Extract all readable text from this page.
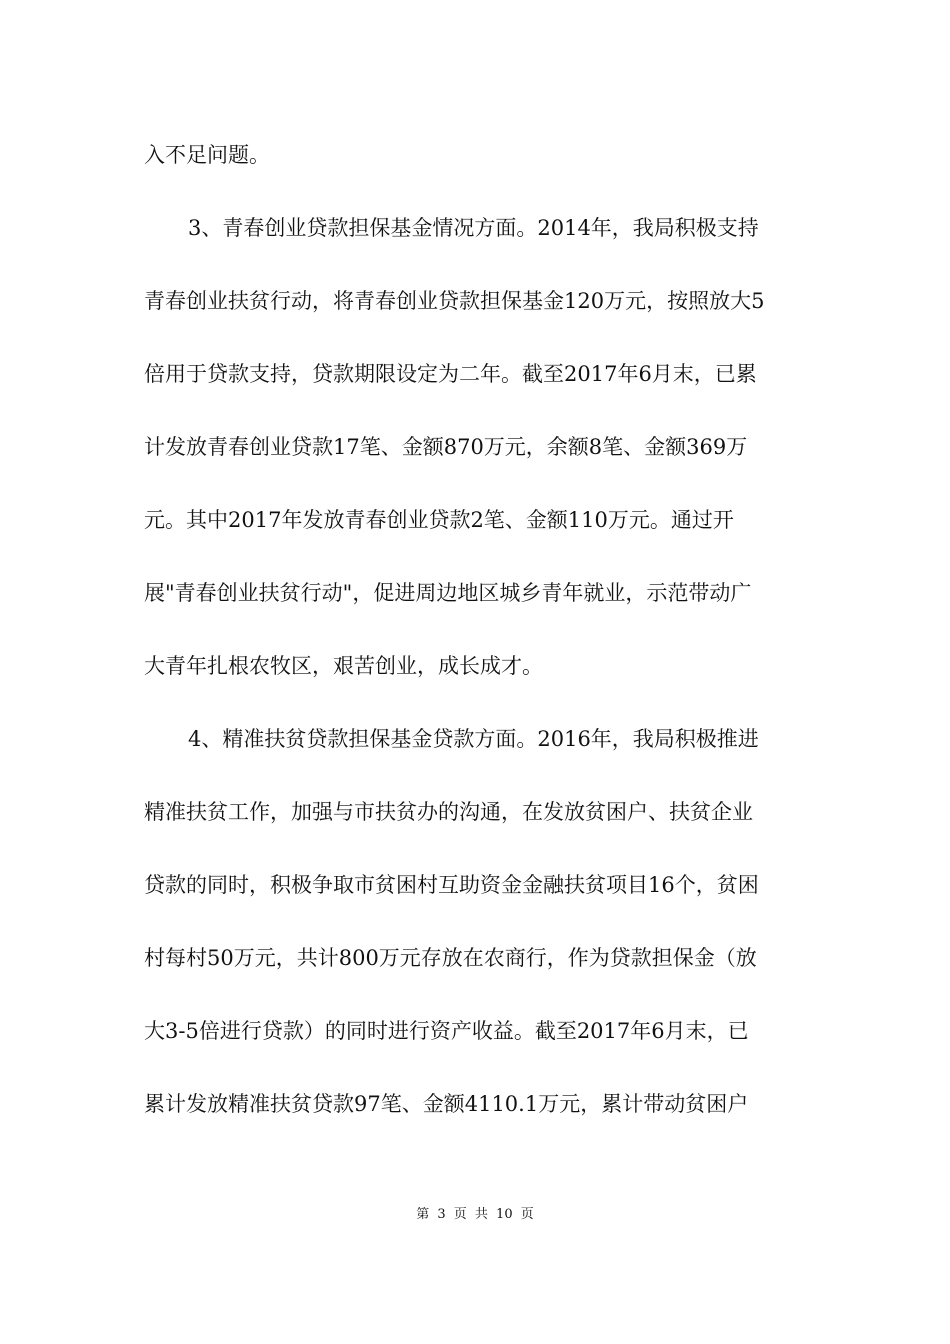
入不足问题。
3、青春创业贷款担保基金情况方面。2014年，我局积极支持
青春创业扶贫行动，将青春创业贷款担保基金120万元，按照放大5
倍用于贷款支持，贷款期限设定为二年。截至2017年6月末，已累
计发放青春创业贷款17笔、金额870万元，余额8笔、金额369万
元。其中2017年发放青春创业贷款2笔、金额110万元。通过开
展"青春创业扶贫行动"，促进周边地区城乡青年就业，示范带动广
大青年扎根农牧区，艰苦创业，成长成才。
4、精准扶贫贷款担保基金贷款方面。2016年，我局积极推进
精准扶贫工作，加强与市扶贫办的沟通，在发放贫困户、扶贫企业
贷款的同时，积极争取市贫困村互助资金金融扶贫项目16个，贫困
村每村50万元，共计800万元存放在农商行，作为贷款担保金（放
大3-5倍进行贷款）的同时进行资产收益。截至2017年6月末，已
累计发放精准扶贫贷款97笔、金额4110.1万元，累计带动贫困户
第 3 页 共 10 页
